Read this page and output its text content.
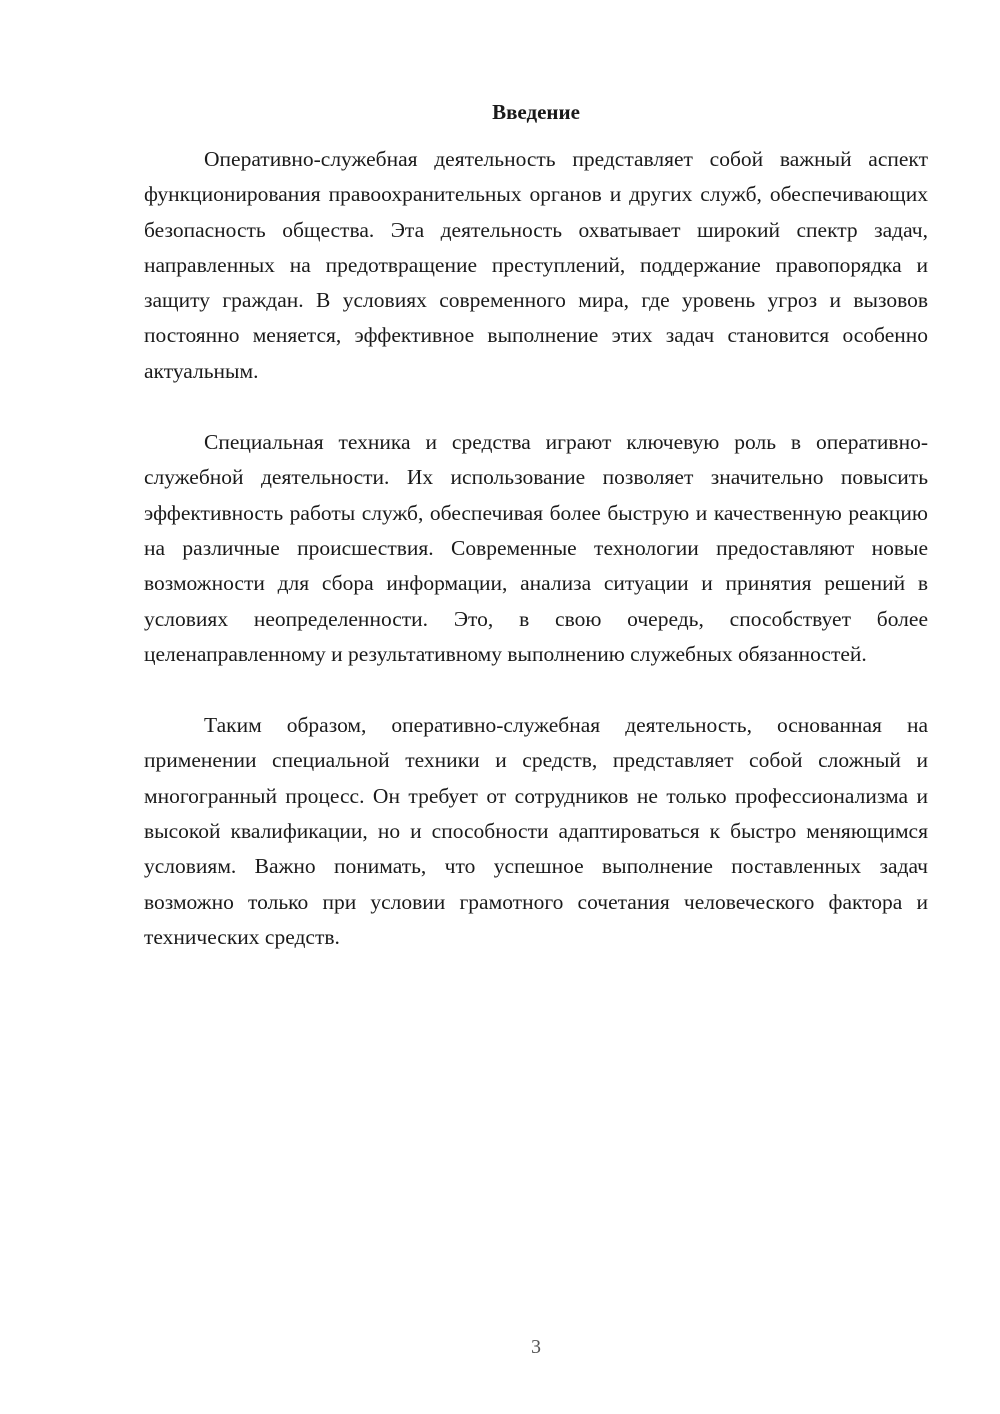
Введение

Оперативно-служебная деятельность представляет собой важный аспект функционирования правоохранительных органов и других служб, обеспечивающих безопасность общества. Эта деятельность охватывает широкий спектр задач, направленных на предотвращение преступлений, поддержание правопорядка и защиту граждан. В условиях современного мира, где уровень угроз и вызовов постоянно меняется, эффективное выполнение этих задач становится особенно актуальным.

Специальная техника и средства играют ключевую роль в оперативно-служебной деятельности. Их использование позволяет значительно повысить эффективность работы служб, обеспечивая более быструю и качественную реакцию на различные происшествия. Современные технологии предоставляют новые возможности для сбора информации, анализа ситуации и принятия решений в условиях неопределенности. Это, в свою очередь, способствует более целенаправленному и результативному выполнению служебных обязанностей.

Таким образом, оперативно-служебная деятельность, основанная на применении специальной техники и средств, представляет собой сложный и многогранный процесс. Он требует от сотрудников не только профессионализма и высокой квалификации, но и способности адаптироваться к быстро меняющимся условиям. Важно понимать, что успешное выполнение поставленных задач возможно только при условии грамотного сочетания человеческого фактора и технических средств.

3
